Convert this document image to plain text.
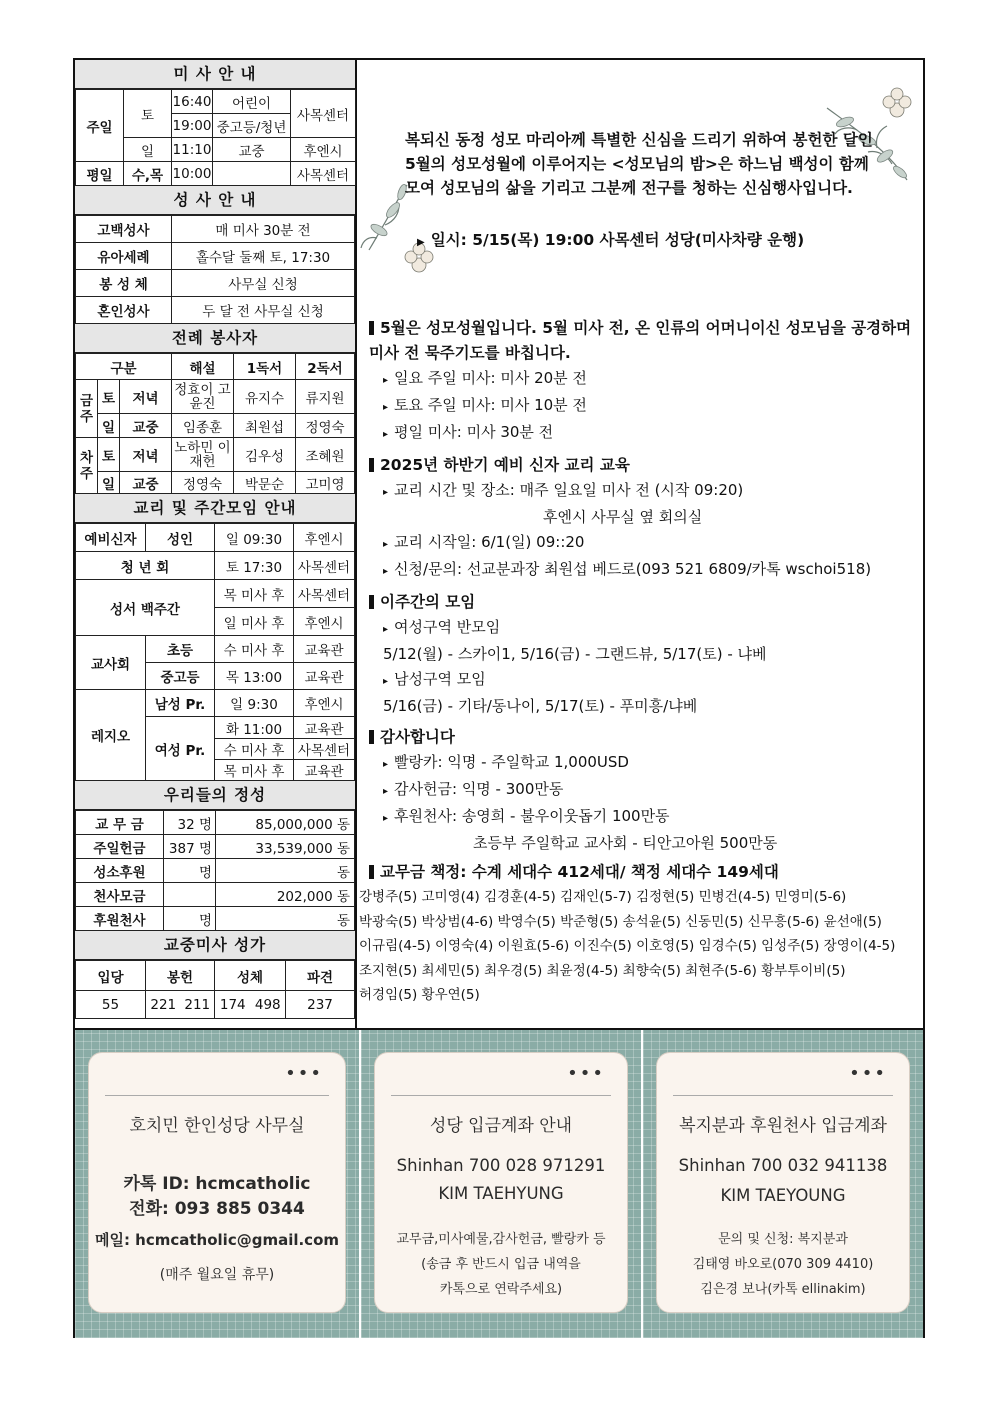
미 사 안 내
주일	토	16:40	어린이	사목센터
		19:00	중고등/청년	
	일	11:10	교중	후엔시
평일	수,목	10:00		사목센터
성 사 안 내
고백성사	매 미사 30분 전
유아세례	홀수달 둘째 토, 17:30
봉 성 체	사무실 신청
혼인성사	두 달 전 사무실 신청
전례 봉사자
구분			해설	1독서	2독서
금주	토	저녁	정효이 고윤진	유지수	류지원
	일	교중	임종훈	최원섭	정영숙
차주	토	저녁	노하민 이재헌	김우성	조혜원
	일	교중	정영숙	박문순	고미영
교리 및 주간모임 안내
예비신자	성인	일 09:30	후엔시
청 년 회		토 17:30	사목센터
성서 백주간		목 미사 후	사목센터
		일 미사 후	후엔시
교사회	초등	수 미사 후	교육관
	중고등	목 13:00	교육관
레지오	남성 Pr.	일 9:30	후엔시
	여성 Pr.	화 11:00	교육관
		수 미사 후	사목센터
		목 미사 후	교육관
우리들의 정성
교 무 금	32 명	85,000,000 동
주일헌금	387 명	33,539,000 동
성소후원	명	동
천사모금		202,000 동
후원천사	명	동
교중미사 성가
입당	봉헌		성체		파견
55	221	211	174	498	237
복되신 동정 성모 마리아께 특별한 신심을 드리기 위하여 봉헌한 달인 5월의 성모성월에 이루어지는 <성모님의 밤>은 하느님 백성이 함께 모여 성모님의 삶을 기리고 그분께 전구를 청하는 신심행사입니다.
▶ 일시: 5/15(목) 19:00 사목센터 성당(미사차량 운행)
5월은 성모성월입니다. 5월 미사 전, 온 인류의 어머니이신 성모님을 공경하며 미사 전 묵주기도를 바칩니다.
▸ 일요 주일 미사: 미사 20분 전
▸ 토요 주일 미사: 미사 10분 전
▸ 평일 미사: 미사 30분 전
2025년 하반기 예비 신자 교리 교육
▸ 교리 시간 및 장소: 매주 일요일 미사 전 (시작 09:20)
후엔시 사무실 옆 회의실
▸ 교리 시작일: 6/1(일) 09::20
▸ 신청/문의: 선교분과장 최원섭 베드로(093 521 6809/카톡 wschoi518)
이주간의 모임
▸ 여성구역 반모임
5/12(월) - 스카이1, 5/16(금) - 그랜드뷰, 5/17(토) - 냐베
▸ 남성구역 모임
5/16(금) - 기타/동나이, 5/17(토) - 푸미흥/냐베
감사합니다
▸ 빨랑카: 익명 - 주일학교 1,000USD
▸ 감사헌금: 익명 - 300만동
▸ 후원천사: 송영희 - 불우이웃돕기 100만동
초등부 주일학교 교사회 - 티안고아원 500만동
교무금 책정: 수계 세대수 412세대/ 책정 세대수 149세대
강병주(5) 고미영(4) 김경훈(4-5) 김재인(5-7) 김정현(5) 민병건(4-5) 민영미(5-6)
박광숙(5) 박상범(4-6) 박영수(5) 박준형(5) 송석윤(5) 신동민(5) 신무흥(5-6) 윤선애(5)
이규림(4-5) 이영숙(4) 이원효(5-6) 이진수(5) 이호영(5) 임경수(5) 임성주(5) 장영이(4-5)
조지현(5) 최세민(5) 최우경(5) 최윤정(4-5) 최향숙(5) 최현주(5-6) 황부투이비(5)
허경임(5) 황우연(5)
•••
호치민 한인성당 사무실
카톡 ID: hcmcatholic
전화: 093 885 0344
메일: hcmcatholic@gmail.com
(매주 월요일 휴무)
•••
성당 입금계좌 안내
Shinhan 700 028 971291
KIM TAEHYUNG
교무금,미사예물,감사헌금, 빨랑카 등
(송금 후 반드시 입금 내역을
카톡으로 연락주세요)
•••
복지분과 후원천사 입금계좌
Shinhan 700 032 941138
KIM TAEYOUNG
문의 및 신청: 복지분과
김태영 바오로(070 309 4410)
김은경 보나(카톡 ellinakim)
